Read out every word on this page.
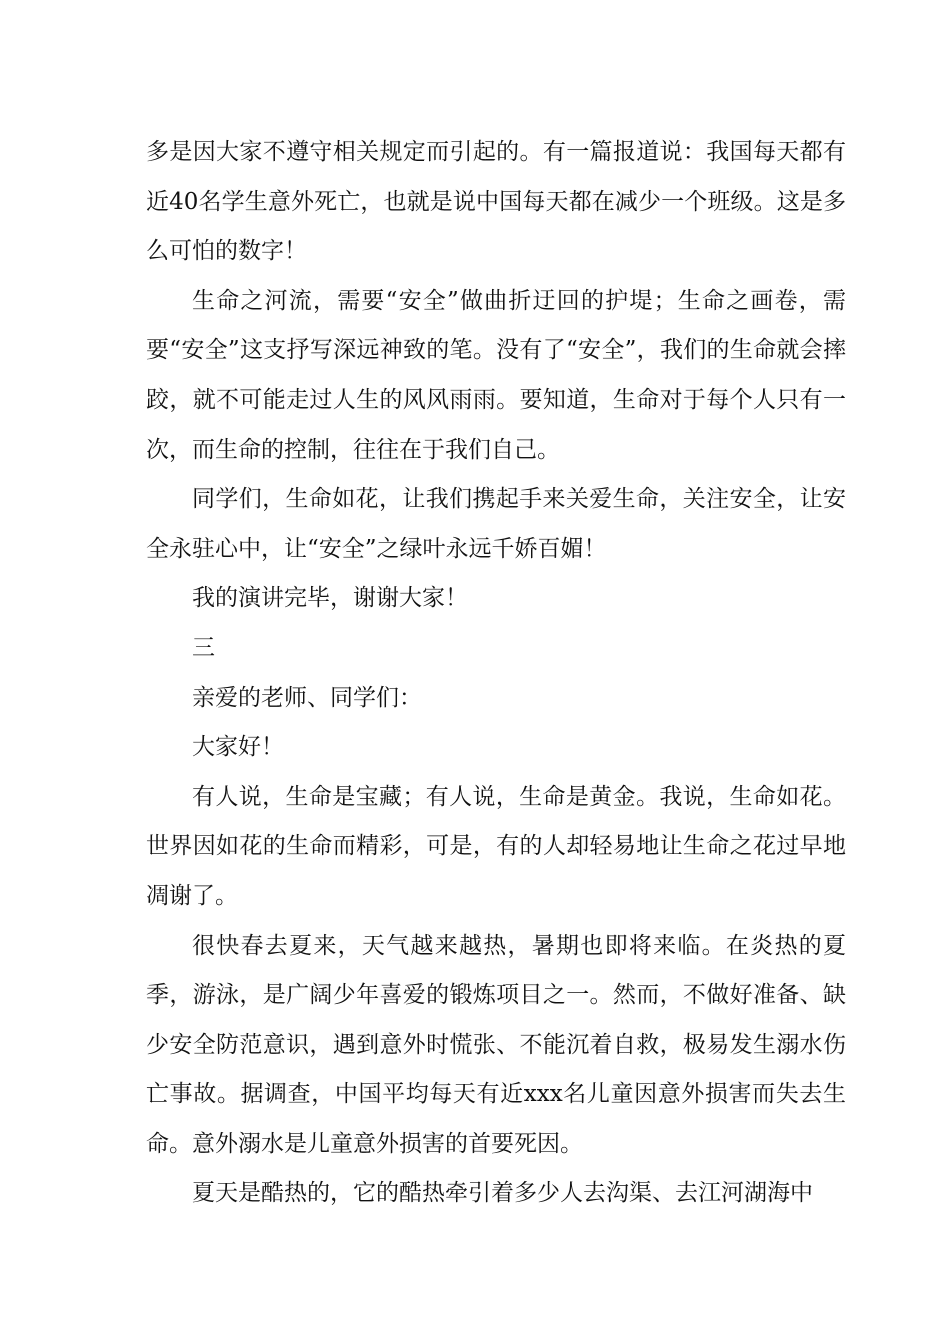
多是因大家不遵守相关规定而引起的。有一篇报道说：我国每天都有近40名学生意外死亡，也就是说中国每天都在减少一个班级。这是多么可怕的数字！

生命之河流，需要“安全”做曲折迂回的护堤；生命之画卷，需要“安全”这支抒写深远神致的笔。没有了“安全”，我们的生命就会摔跤，就不可能走过人生的风风雨雨。要知道，生命对于每个人只有一次，而生命的控制，往往在于我们自己。

同学们，生命如花，让我们携起手来关爱生命，关注安全，让安全永驻心中，让“安全”之绿叶永远千娇百媚！

我的演讲完毕，谢谢大家！

三

亲爱的老师、同学们：

大家好！

有人说，生命是宝藏；有人说，生命是黄金。我说，生命如花。世界因如花的生命而精彩，可是，有的人却轻易地让生命之花过早地凋谢了。

很快春去夏来，天气越来越热，暑期也即将来临。在炎热的夏季，游泳，是广阔少年喜爱的锻炼项目之一。然而，不做好准备、缺少安全防范意识，遇到意外时慌张、不能沉着自救，极易发生溺水伤亡事故。据调查，中国平均每天有近xxx名儿童因意外损害而失去生命。意外溺水是儿童意外损害的首要死因。

夏天是酷热的，它的酷热牵引着多少人去沟渠、去江河湖海中
